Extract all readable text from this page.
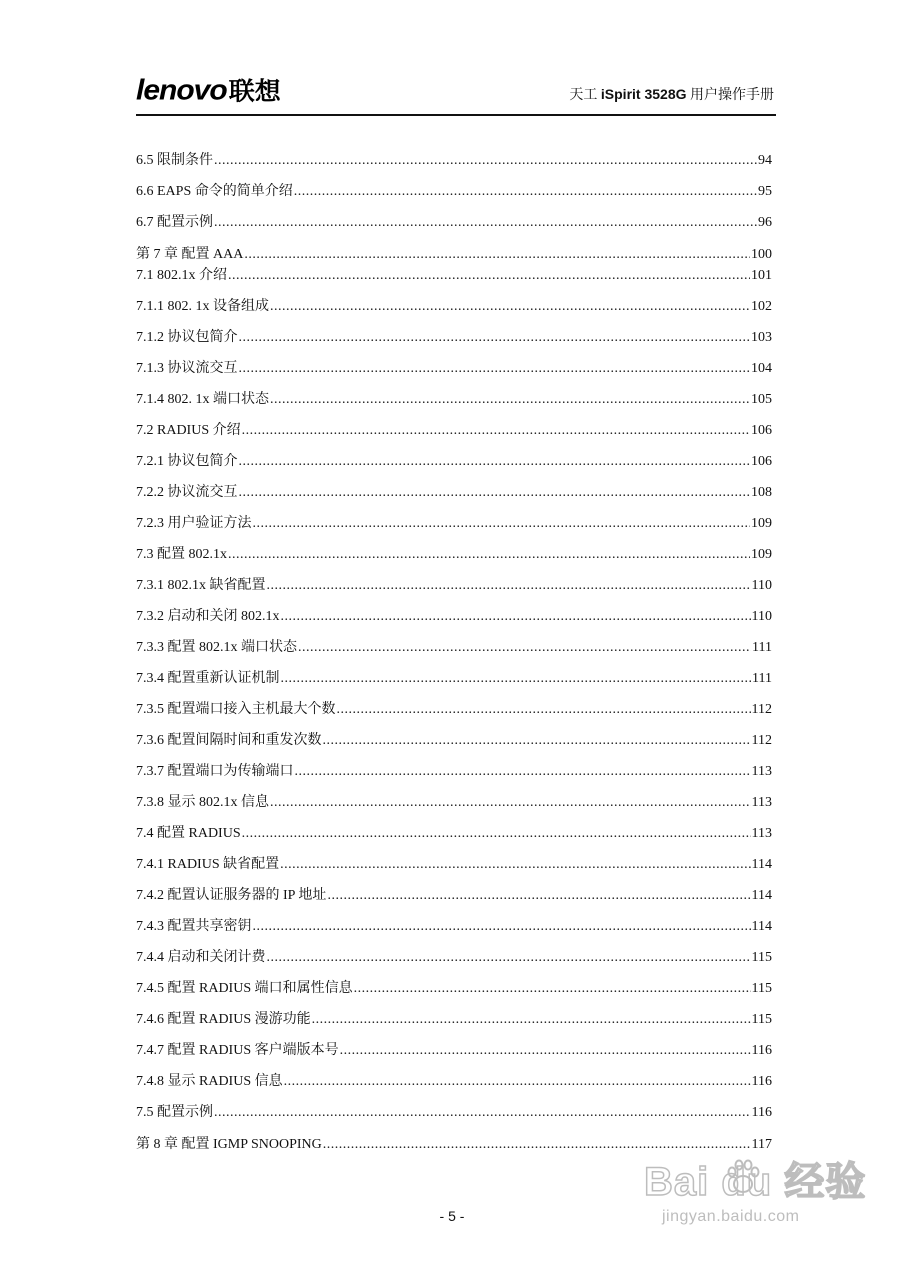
lenovo联想	天工 iSpirit 3528G 用户操作手册
6.5 限制条件 .....	94
6.6 EAPS 命令的简单介绍 .....	95
6.7 配置示例 .....	96
第 7 章 配置 AAA .....	100
7.1 802.1x 介绍 .....	101
7.1.1 802. 1x 设备组成 .....	102
7.1.2 协议包简介 .....	103
7.1.3 协议流交互 .....	104
7.1.4 802. 1x 端口状态 .....	105
7.2 RADIUS 介绍 .....	106
7.2.1 协议包简介 .....	106
7.2.2 协议流交互 .....	108
7.2.3 用户验证方法 .....	109
7.3 配置 802.1x .....	109
7.3.1 802.1x 缺省配置 .....	110
7.3.2 启动和关闭 802.1x .....	110
7.3.3 配置 802.1x 端口状态 .....	111
7.3.4 配置重新认证机制 .....	111
7.3.5 配置端口接入主机最大个数 .....	112
7.3.6 配置间隔时间和重发次数 .....	112
7.3.7 配置端口为传输端口 .....	113
7.3.8 显示 802.1x 信息 .....	113
7.4 配置 RADIUS .....	113
7.4.1 RADIUS 缺省配置 .....	114
7.4.2 配置认证服务器的 IP 地址 .....	114
7.4.3 配置共享密钥 .....	114
7.4.4 启动和关闭计费 .....	115
7.4.5 配置 RADIUS 端口和属性信息 .....	115
7.4.6 配置 RADIUS 漫游功能 .....	115
7.4.7 配置 RADIUS 客户端版本号 .....	116
7.4.8 显示 RADIUS 信息 .....	116
7.5 配置示例 .....	116
第 8 章 配置 IGMP SNOOPING .....	117
- 5 -
Bai du 经验
jingyan.baidu.com
